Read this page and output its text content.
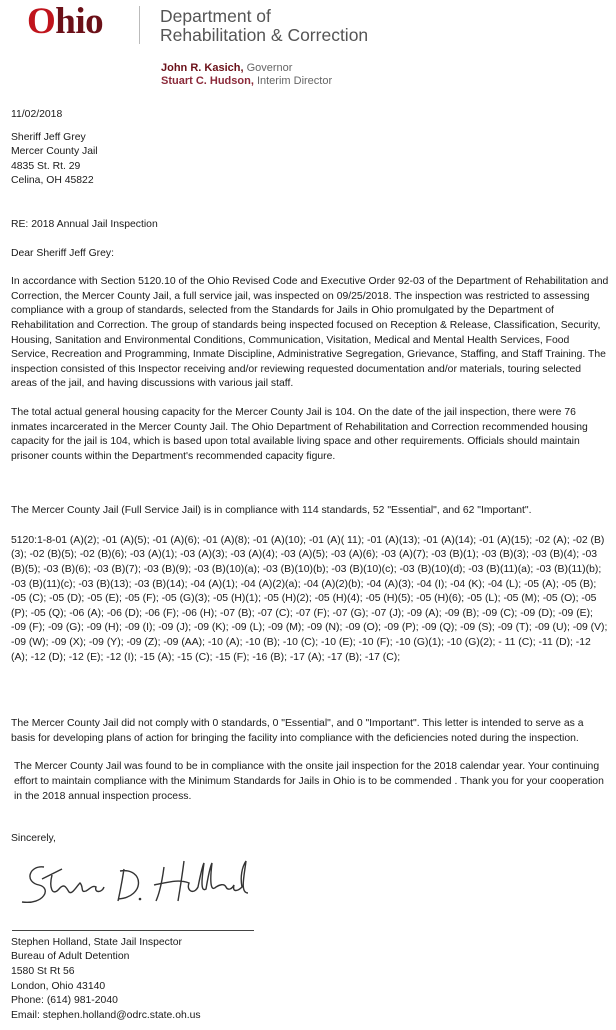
Ohio	Department of
Rehabilitation & Correction
John R. Kasich, Governor
Stuart C. Hudson, Interim Director
11/02/2018
Sheriff Jeff Grey
Mercer County Jail
4835 St. Rt. 29
Celina, OH 45822
RE: 2018 Annual Jail Inspection
Dear Sheriff Jeff Grey:

In accordance with Section 5120.10 of the Ohio Revised Code and Executive Order 92-03 of the Department of Rehabilitation and Correction, the Mercer County Jail, a full service jail, was inspected on 09/25/2018. The inspection was restricted to assessing compliance with a group of standards, selected from the Standards for Jails in Ohio promulgated by the Department of Rehabilitation and Correction. The group of standards being inspected focused on Reception & Release, Classification, Security, Housing, Sanitation and Environmental Conditions, Communication, Visitation, Medical and Mental Health Services, Food Service, Recreation and Programming, Inmate Discipline, Administrative Segregation, Grievance, Staffing, and Staff Training. The inspection consisted of this Inspector receiving and/or reviewing requested documentation and/or materials, touring selected areas of the jail, and having discussions with various jail staff.

The total actual general housing capacity for the Mercer County Jail is 104. On the date of the jail inspection, there were 76 inmates incarcerated in the Mercer County Jail. The Ohio Department of Rehabilitation and Correction recommended housing capacity for the jail is 104, which is based upon total available living space and other requirements. Officials should maintain prisoner counts within the Department's recommended capacity figure.

The Mercer County Jail (Full Service Jail) is in compliance with 114 standards, 52 "Essential", and 62 "Important".

5120:1-8-01 (A)(2); -01 (A)(5); -01 (A)(6); -01 (A)(8); -01 (A)(10); -01 (A)( 11); -01 (A)(13); -01 (A)(14); -01 (A)(15); -02 (A); -02 (B)(3); -02 (B)(5); -02 (B)(6); -03 (A)(1); -03 (A)(3); -03 (A)(4); -03 (A)(5); -03 (A)(6); -03 (A)(7); -03 (B)(1); -03 (B)(3); -03 (B)(4); -03 (B)(5); -03 (B)(6); -03 (B)(7); -03 (B)(9); -03 (B)(10)(a); -03 (B)(10)(b); -03 (B)(10)(c); -03 (B)(10)(d); -03 (B)(11)(a); -03 (B)(11)(b); -03 (B)(11)(c); -03 (B)(13); -03 (B)(14); -04 (A)(1); -04 (A)(2)(a); -04 (A)(2)(b); -04 (A)(3); -04 (I); -04 (K); -04 (L); -05 (A); -05 (B); -05 (C); -05 (D); -05 (E); -05 (F); -05 (G)(3); -05 (H)(1); -05 (H)(2); -05 (H)(4); -05 (H)(5); -05 (H)(6); -05 (L); -05 (M); -05 (O); -05 (P); -05 (Q); -06 (A); -06 (D); -06 (F); -06 (H); -07 (B); -07 (C); -07 (F); -07 (G); -07 (J); -09 (A); -09 (B); -09 (C); -09 (D); -09 (E); -09 (F); -09 (G); -09 (H); -09 (I); -09 (J); -09 (K); -09 (L); -09 (M); -09 (N); -09 (O); -09 (P); -09 (Q); -09 (S); -09 (T); -09 (U); -09 (V); -09 (W); -09 (X); -09 (Y); -09 (Z); -09 (AA); -10 (A); -10 (B); -10 (C); -10 (E); -10 (F); -10 (G)(1); -10 (G)(2); - 11 (C); -11 (D); -12 (A); -12 (D); -12 (E); -12 (I); -15 (A); -15 (C); -15 (F); -16 (B); -17 (A); -17 (B); -17 (C);

The Mercer County Jail did not comply with 0 standards, 0 "Essential", and 0 "Important". This letter is intended to serve as a basis for developing plans of action for bringing the facility into compliance with the deficiencies noted during the inspection.

The Mercer County Jail was found to be in compliance with the onsite jail inspection for the 2018 calendar year. Your continuing effort to maintain compliance with the Minimum Standards for Jails in Ohio is to be commended . Thank you for your cooperation in the 2018 annual inspection process.

Sincerely,
Stephen Holland, State Jail Inspector
Bureau of Adult Detention
1580 St Rt 56
London, Ohio 43140
Phone: (614) 981-2040
Email: stephen.holland@odrc.state.oh.us
